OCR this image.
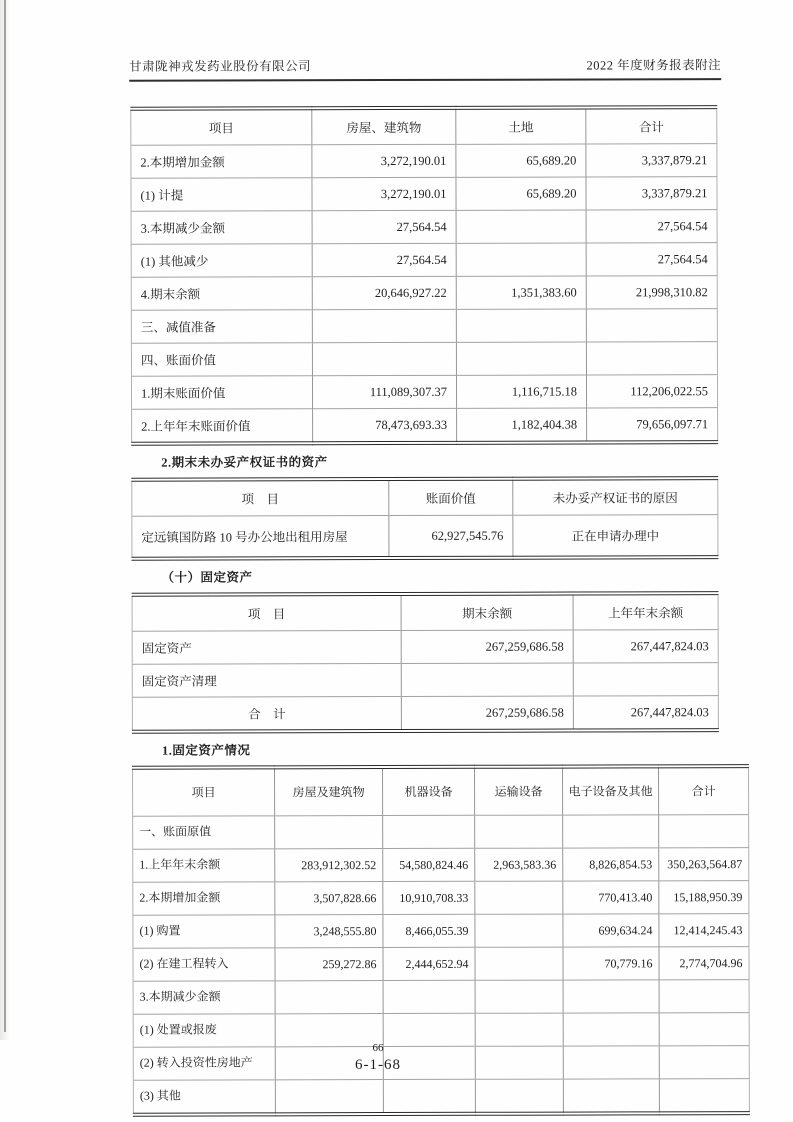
甘肃陇神戎发药业股份有限公司	2022 年度财务报表附注
项目	房屋、建筑物	土地	合计
2.本期增加金额	3,272,190.01	65,689.20	3,337,879.21
(1) 计提	3,272,190.01	65,689.20	3,337,879.21
3.本期减少金额	27,564.54		27,564.54
(1) 其他减少	27,564.54		27,564.54
4.期末余额	20,646,927.22	1,351,383.60	21,998,310.82
三、减值准备			
四、账面价值			
1.期末账面价值	111,089,307.37	1,116,715.18	112,206,022.55
2.上年年末账面价值	78,473,693.33	1,182,404.38	79,656,097.71
2.期末未办妥产权证书的资产
项　目	账面价值	未办妥产权证书的原因
定远镇国防路 10 号办公地出租用房屋	62,927,545.76	正在申请办理中
（十）固定资产
项　目	期末余额	上年年末余额
固定资产	267,259,686.58	267,447,824.03
固定资产清理		
合　计	267,259,686.58	267,447,824.03
1.固定资产情况
项目	房屋及建筑物	机器设备	运输设备	电子设备及其他	合计
一、账面原值					
1.上年年末余额	283,912,302.52	54,580,824.46	2,963,583.36	8,826,854.53	350,263,564.87
2.本期增加金额	3,507,828.66	10,910,708.33		770,413.40	15,188,950.39
(1) 购置	3,248,555.80	8,466,055.39		699,634.24	12,414,245.43
(2) 在建工程转入	259,272.86	2,444,652.94		70,779.16	2,774,704.96
3.本期减少金额					
(1) 处置或报废					
(2) 转入投资性房地产					
(3) 其他					
66
6-1-68
